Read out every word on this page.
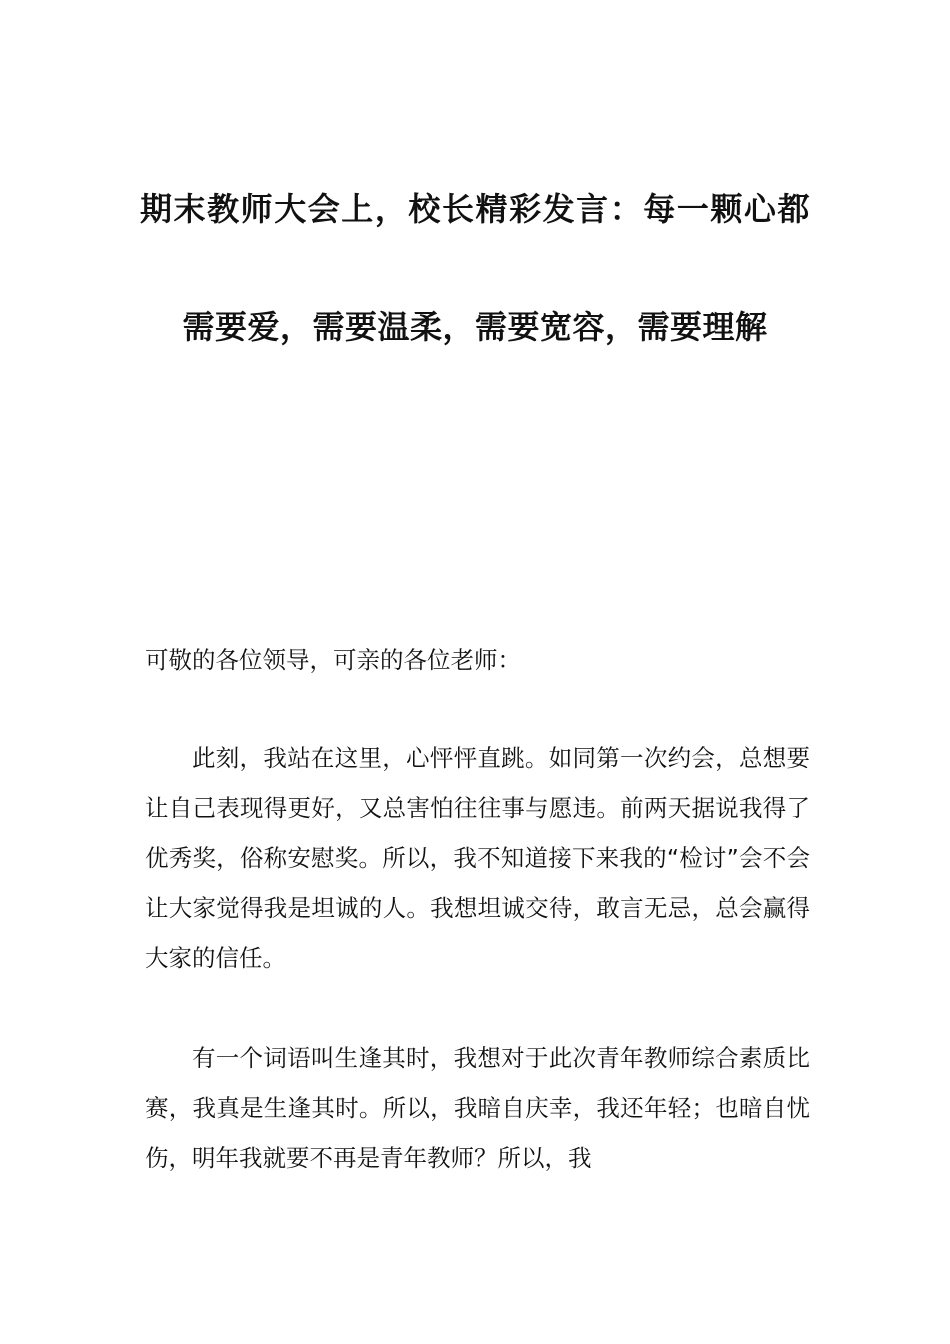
期末教师大会上，校长精彩发言：每一颗心都需要爱，需要温柔，需要宽容，需要理解

可敬的各位领导，可亲的各位老师：

此刻，我站在这里，心怦怦直跳。如同第一次约会，总想要让自己表现得更好，又总害怕往往事与愿违。前两天据说我得了优秀奖，俗称安慰奖。所以，我不知道接下来我的“检讨”会不会让大家觉得我是坦诚的人。我想坦诚交待，敢言无忌，总会赢得大家的信任。

有一个词语叫生逢其时，我想对于此次青年教师综合素质比赛，我真是生逢其时。所以，我暗自庆幸，我还年轻；也暗自忧伤，明年我就要不再是青年教师？所以，我
